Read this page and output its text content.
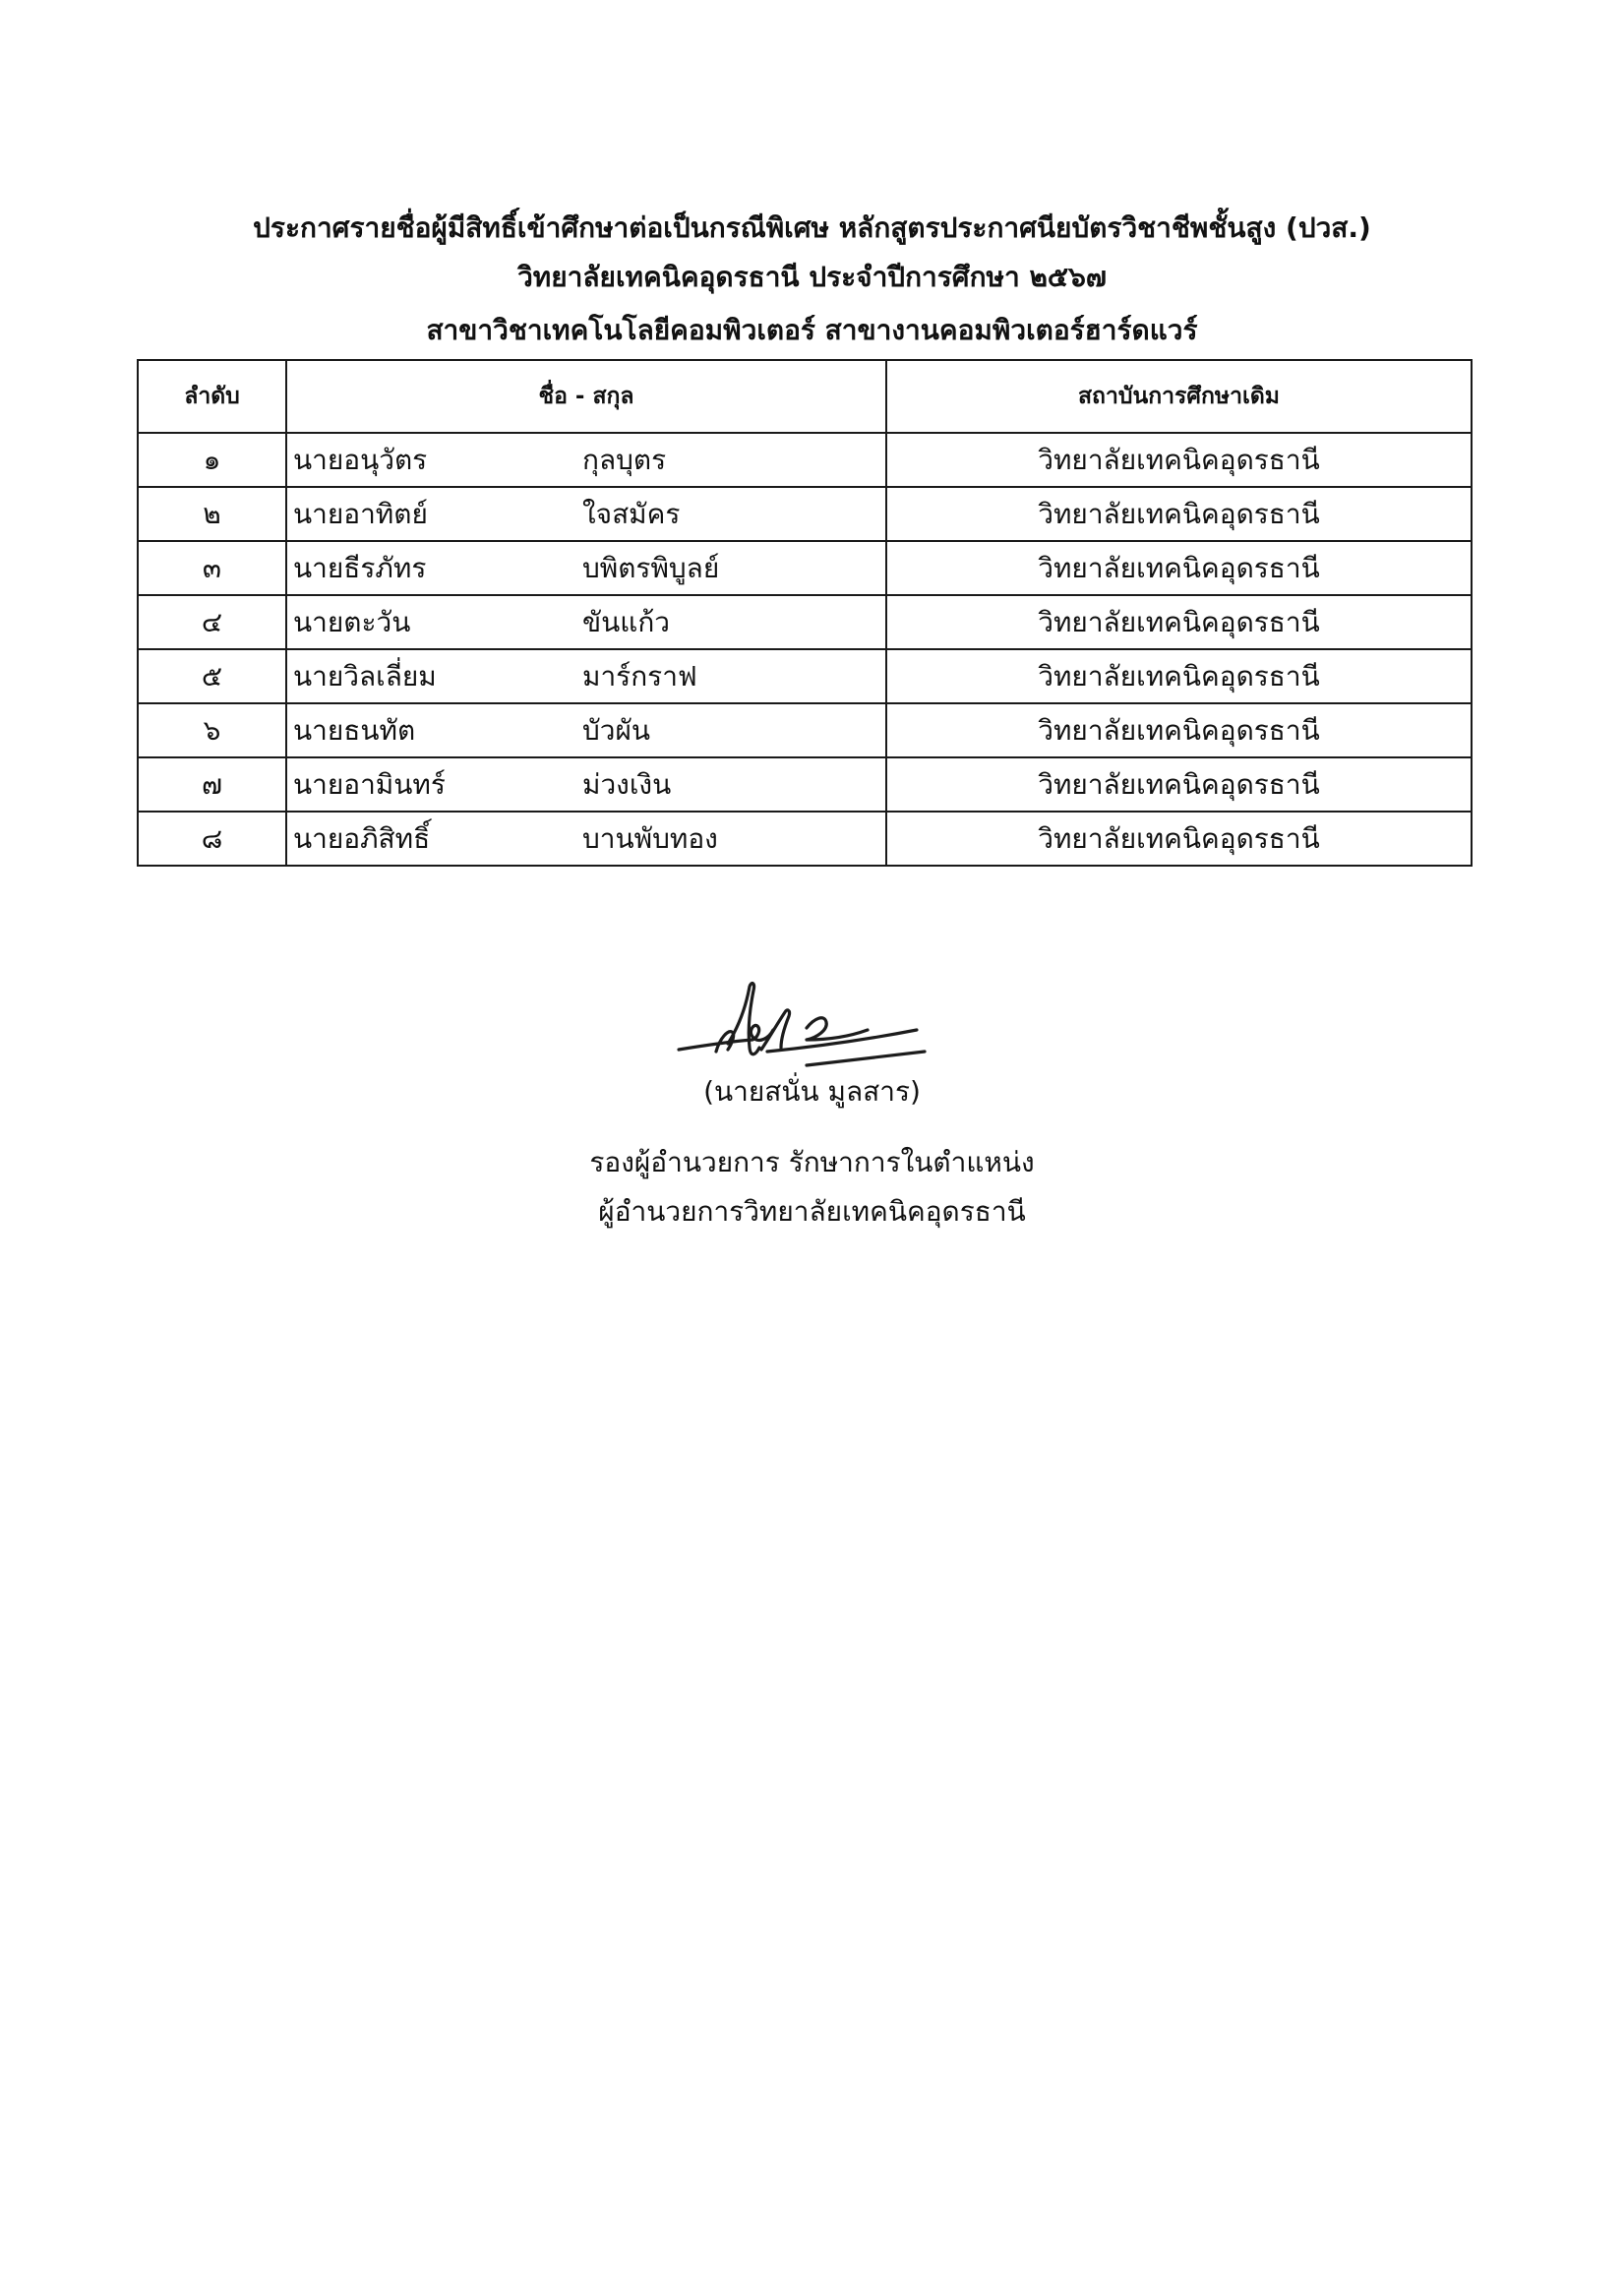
ประกาศรายชื่อผู้มีสิทธิ์เข้าศึกษาต่อเป็นกรณีพิเศษ หลักสูตรประกาศนียบัตรวิชาชีพชั้นสูง (ปวส.)
วิทยาลัยเทคนิคอุดรธานี ประจำปีการศึกษา ๒๕๖๗
สาขาวิชาเทคโนโลยีคอมพิวเตอร์ สาขางานคอมพิวเตอร์ฮาร์ดแวร์
ลำดับ	ชื่อ - สกุล	สถาบันการศึกษาเดิม
๑	นายอนุวัตร กุลบุตร	วิทยาลัยเทคนิคอุดรธานี
๒	นายอาทิตย์ ใจสมัคร	วิทยาลัยเทคนิคอุดรธานี
๓	นายธีรภัทร บพิตรพิบูลย์	วิทยาลัยเทคนิคอุดรธานี
๔	นายตะวัน ขันแก้ว	วิทยาลัยเทคนิคอุดรธานี
๕	นายวิลเลี่ยม มาร์กราฟ	วิทยาลัยเทคนิคอุดรธานี
๖	นายธนทัต บัวผัน	วิทยาลัยเทคนิคอุดรธานี
๗	นายอามินทร์ ม่วงเงิน	วิทยาลัยเทคนิคอุดรธานี
๘	นายอภิสิทธิ์ บานพับทอง	วิทยาลัยเทคนิคอุดรธานี
(นายสนั่น มูลสาร)
รองผู้อำนวยการ รักษาการในตำแหน่ง
ผู้อำนวยการวิทยาลัยเทคนิคอุดรธานี
